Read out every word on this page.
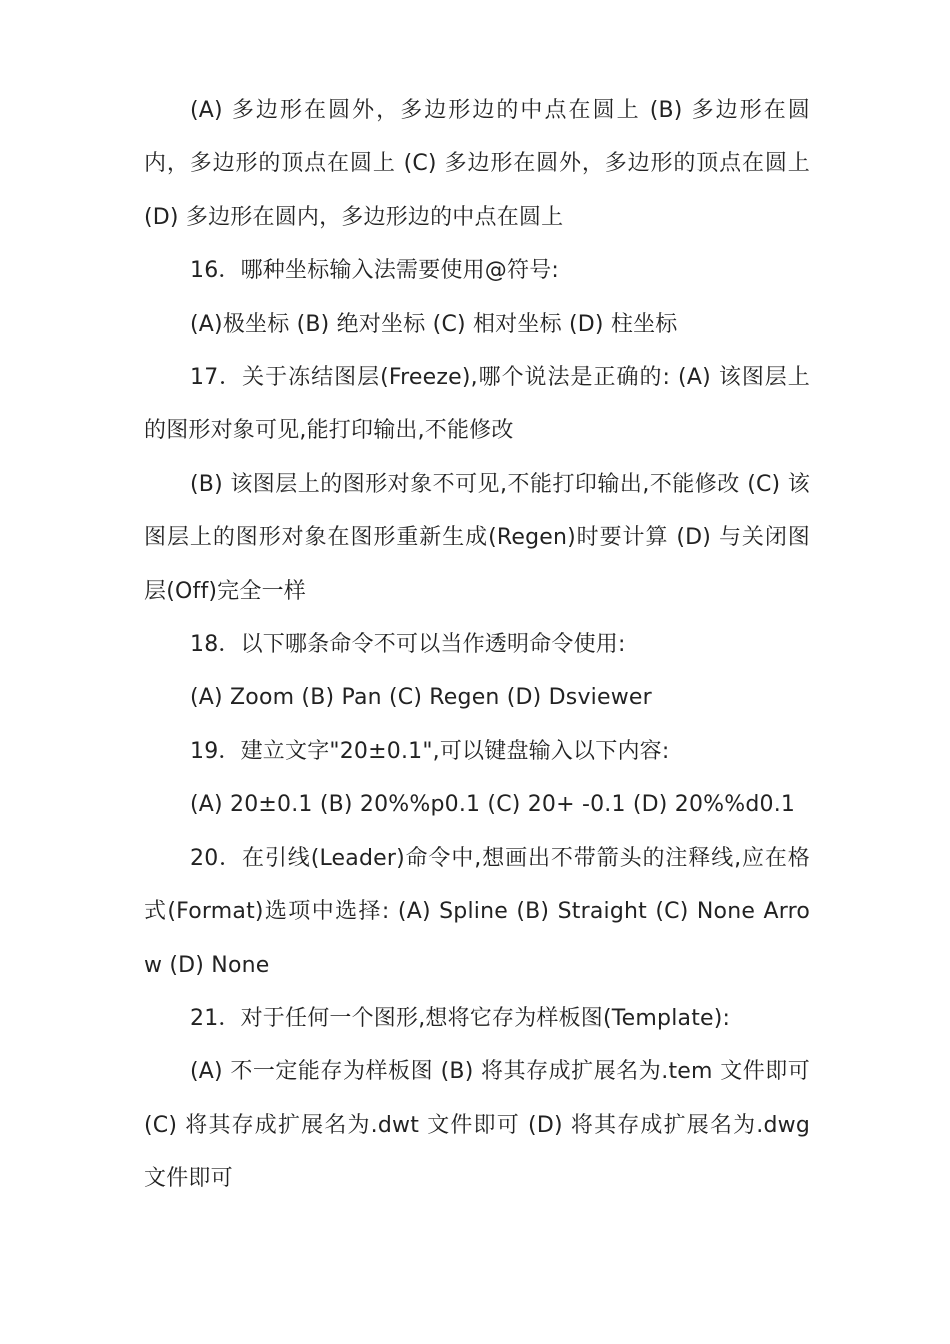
(A) 多边形在圆外，多边形边的中点在圆上 (B) 多边形在圆内，多边形的顶点在圆上 (C) 多边形在圆外，多边形的顶点在圆上 (D) 多边形在圆内，多边形边的中点在圆上

16．哪种坐标输入法需要使用@符号:

(A)极坐标 (B) 绝对坐标 (C) 相对坐标 (D) 柱坐标

17．关于冻结图层(Freeze),哪个说法是正确的: (A) 该图层上的图形对象可见,能打印输出,不能修改

(B) 该图层上的图形对象不可见,不能打印输出,不能修改 (C) 该图层上的图形对象在图形重新生成(Regen)时要计算 (D) 与关闭图层(Off)完全一样

18．以下哪条命令不可以当作透明命令使用:

(A) Zoom (B) Pan (C) Regen (D) Dsviewer

19．建立文字"20±0.1",可以键盘输入以下内容:

(A) 20±0.1 (B) 20%%p0.1 (C) 20+ -0.1 (D) 20%%d0.1

20．在引线(Leader)命令中,想画出不带箭头的注释线,应在格式(Format)选项中选择: (A) Spline (B) Straight (C) None Arrow (D) None

21．对于任何一个图形,想将它存为样板图(Template):

(A) 不一定能存为样板图 (B) 将其存成扩展名为.tem 文件即可 (C) 将其存成扩展名为.dwt 文件即可 (D) 将其存成扩展名为.dwg 文件即可
